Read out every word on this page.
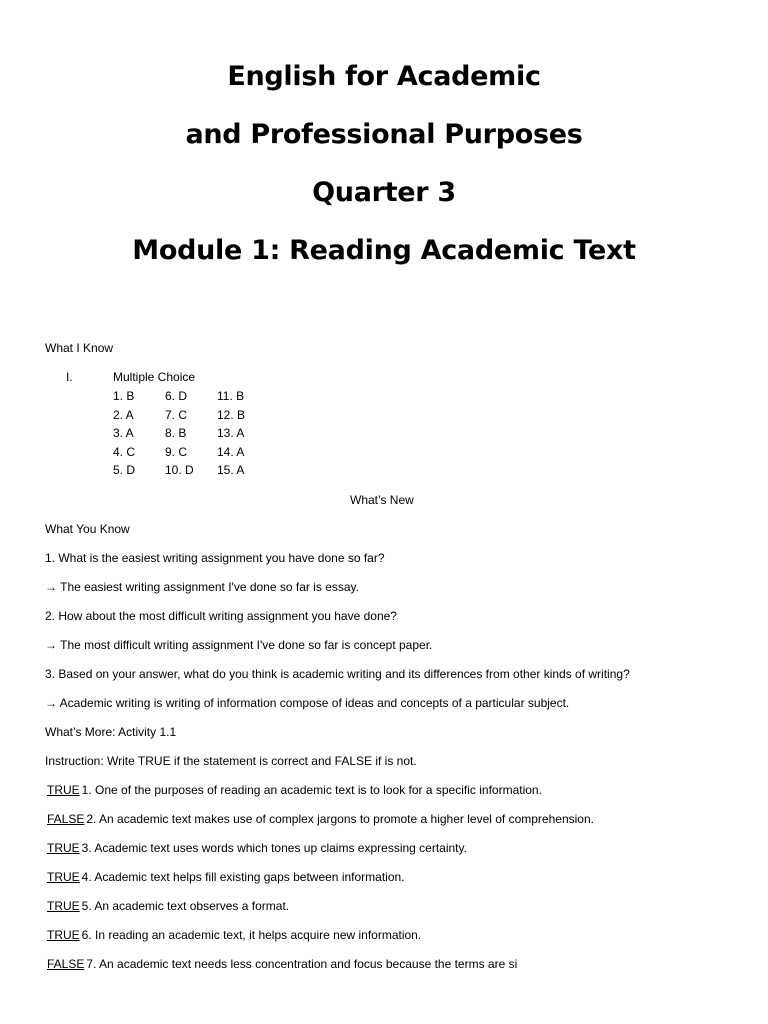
English for Academic
and Professional Purposes
Quarter 3
Module 1: Reading Academic Text
What I Know
I.	Multiple Choice
1. B	6. D	11. B
2. A	7. C	12. B
3. A	8. B	13. A
4. C	9. C	14. A
5. D	10. D	15. A
What’s New
What You Know
1. What is the easiest writing assignment you have done so far?
→ The easiest writing assignment I've done so far is essay.
2. How about the most difficult writing assignment you have done?
→ The most difficult writing assignment I've done so far is concept paper.
3. Based on your answer, what do you think is academic writing and its differences from other kinds of writing?
→ Academic writing is writing of information compose of ideas and concepts of a particular subject.
What’s More: Activity 1.1
Instruction: Write TRUE if the statement is correct and FALSE if is not.
TRUE 1. One of the purposes of reading an academic text is to look for a specific information.
FALSE 2. An academic text makes use of complex jargons to promote a higher level of comprehension.
TRUE 3. Academic text uses words which tones up claims expressing certainty.
TRUE 4. Academic text helps fill existing gaps between information.
TRUE 5. An academic text observes a format.
TRUE 6. In reading an academic text, it helps acquire new information.
FALSE 7. An academic text needs less concentration and focus because the terms are si
